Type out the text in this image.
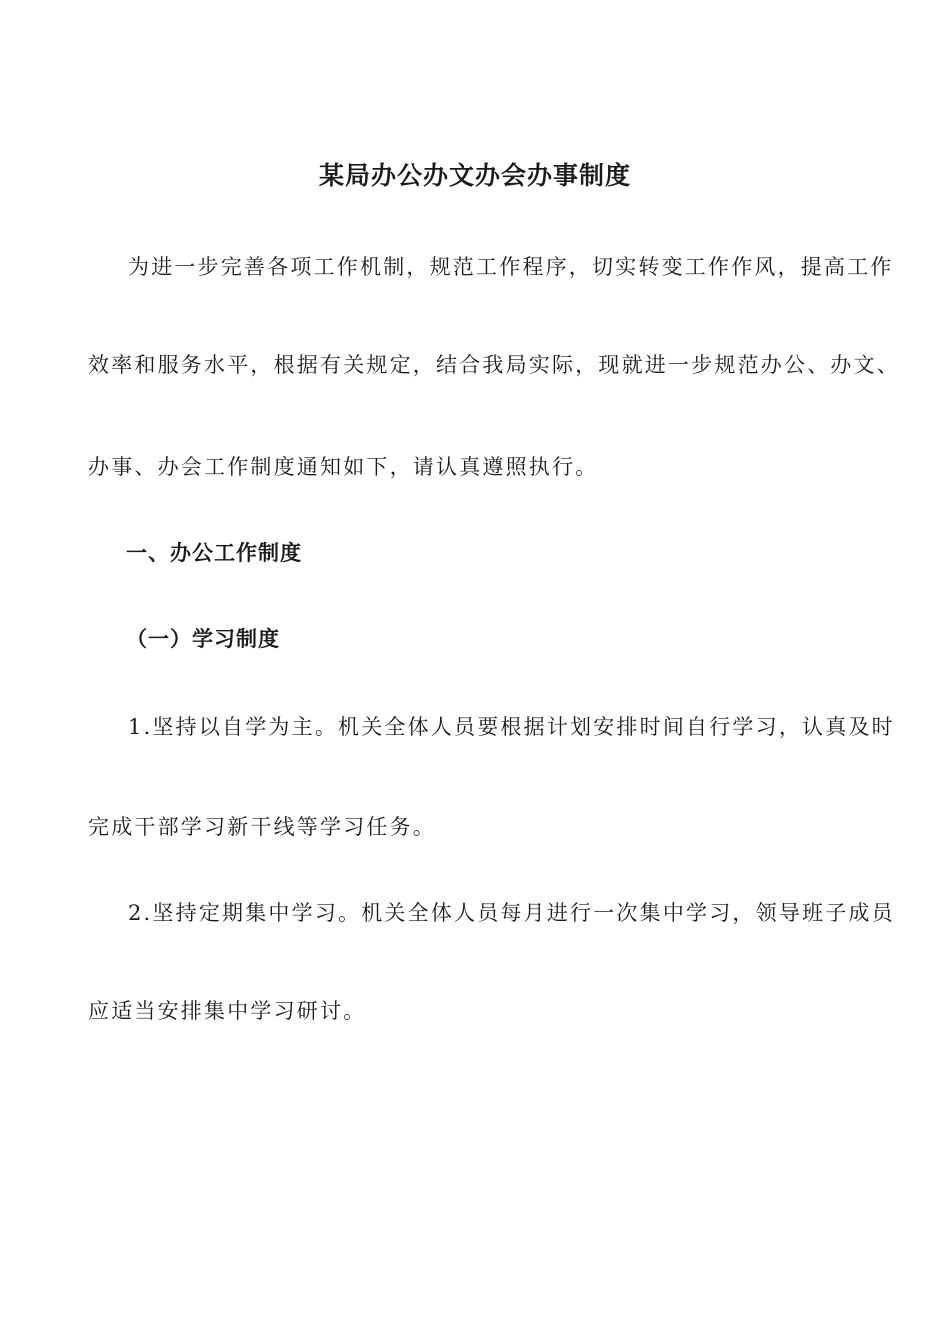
某局办公办文办会办事制度
为进一步完善各项工作机制，规范工作程序，切实转变工作作风，提高工作
效率和服务水平，根据有关规定，结合我局实际，现就进一步规范办公、办文、
办事、办会工作制度通知如下，请认真遵照执行。
一、办公工作制度
（一）学习制度
1.坚持以自学为主。机关全体人员要根据计划安排时间自行学习，认真及时
完成干部学习新干线等学习任务。
2.坚持定期集中学习。机关全体人员每月进行一次集中学习，领导班子成员
应适当安排集中学习研讨。
